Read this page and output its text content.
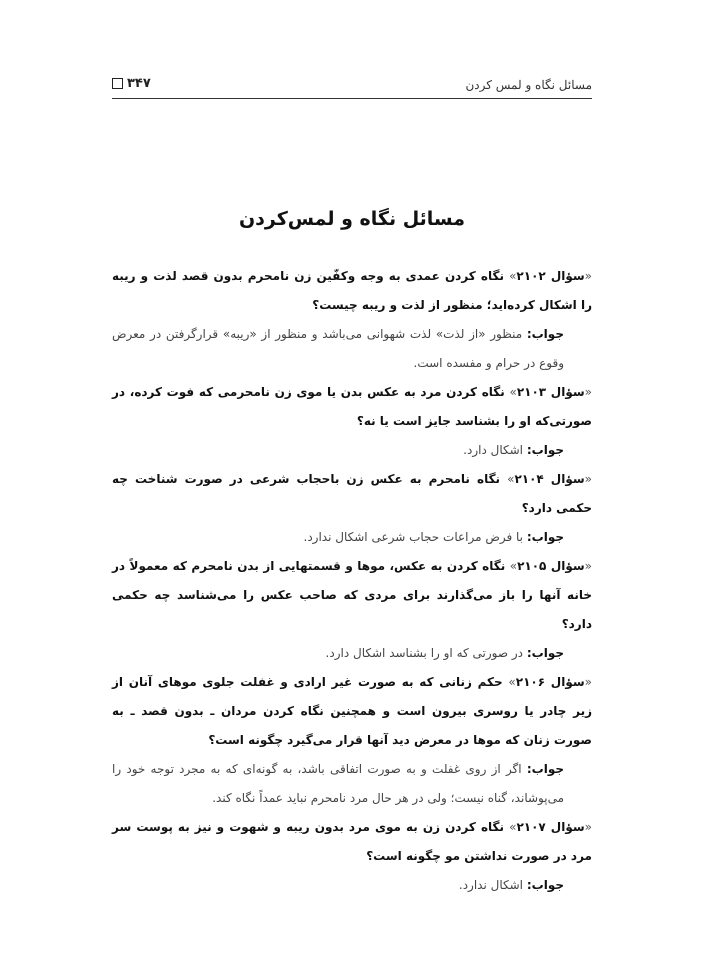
مسائل نگاه و لمس کردن
۳۴۷
مسائل نگاه و لمس‌کردن

«سؤال ۲۱۰۲» نگاه کردن عمدی به وجه وکفّین زن نامحرم بدون قصد لذت و ریبه را اشکال کرده‌اید؛ منظور از لذت و ریبه چیست؟

جواب: منظور «از لذت» لذت شهوانی می‌باشد و منظور از «ریبه» قرارگرفتن در معرض وقوع در حرام و مفسده است.

«سؤال ۲۱۰۳» نگاه کردن مرد به عکس بدن یا موی زن نامحرمی که فوت کرده، در صورتی‌که او را بشناسد جایز است یا نه؟

جواب: اشکال دارد.

«سؤال ۲۱۰۴» نگاه نامحرم به عکس زن باحجاب شرعی در صورت شناخت چه حکمی دارد؟

جواب: با فرض مراعات حجاب شرعی اشکال ندارد.

«سؤال ۲۱۰۵» نگاه کردن به عکس، موها و قسمتهایی از بدن نامحرم که معمولاً در خانه آنها را باز می‌گذارند برای مردی که صاحب عکس را می‌شناسد چه حکمی دارد؟

جواب: در صورتی که او را بشناسد اشکال دارد.

«سؤال ۲۱۰۶» حکم زنانی که به صورت غیر ارادی و غفلت جلوی موهای آنان از زیر چادر یا روسری بیرون است و همچنین نگاه کردن مردان ـ بدون قصد ـ به صورت زنان که موها در معرض دید آنها قرار می‌گیرد چگونه است؟

جواب: اگر از روی غفلت و به صورت اتفاقی باشد، به گونه‌ای که به مجرد توجه خود را می‌پوشاند، گناه نیست؛ ولی در هر حال مرد نامحرم نباید عمداً نگاه کند.

«سؤال ۲۱۰۷» نگاه کردن زن به موی مرد بدون ریبه و شهوت و نیز به پوست سر مرد در صورت نداشتن مو چگونه است؟

جواب: اشکال ندارد.
